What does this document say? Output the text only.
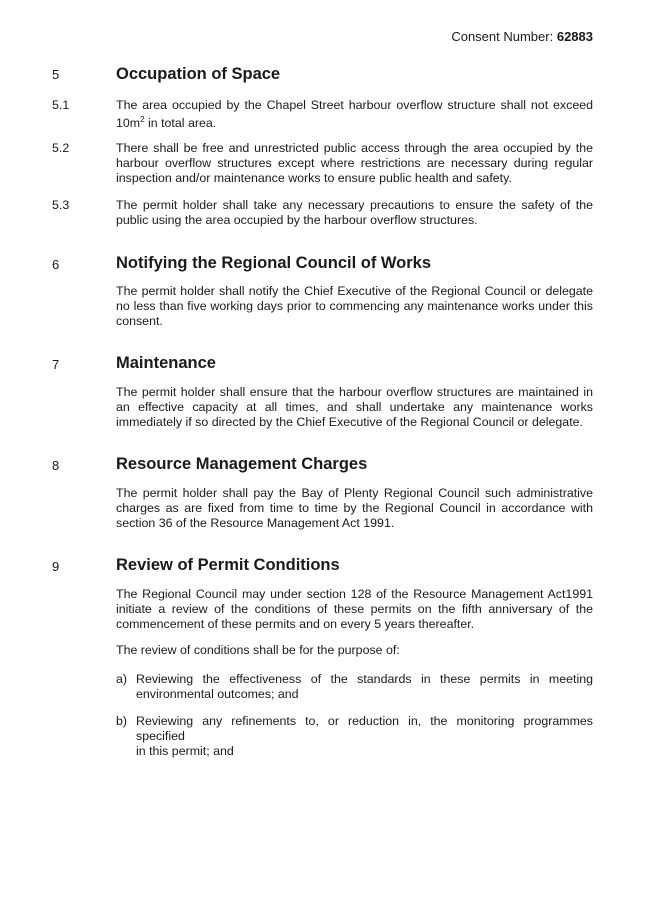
Consent Number: 62883
5	Occupation of Space
5.1	The area occupied by the Chapel Street harbour overflow structure shall not exceed
$10m^2$ in total area.
5.2	There shall be free and unrestricted public access through the area occupied by the
harbour overflow structures except where restrictions are necessary during regular
inspection and/or maintenance works to ensure public health and safety.
5.3	The permit holder shall take any necessary precautions to ensure the safety of the
public using the area occupied by the harbour overflow structures.
6	Notifying the Regional Council of Works
The permit holder shall notify the Chief Executive of the Regional Council or delegate
no less than five working days prior to commencing any maintenance works under this
consent.
7	Maintenance
The permit holder shall ensure that the harbour overflow structures are maintained in
an effective capacity at all times, and shall undertake any maintenance works
immediately if so directed by the Chief Executive of the Regional Council or delegate.
8	Resource Management Charges
The permit holder shall pay the Bay of Plenty Regional Council such administrative
charges as are fixed from time to time by the Regional Council in accordance with
section 36 of the Resource Management Act 1991.
9	Review of Permit Conditions
The Regional Council may under section 128 of the Resource Management Act1991
initiate a review of the conditions of these permits on the fifth anniversary of the
commencement of these permits and on every 5 years thereafter.
The review of conditions shall be for the purpose of:
a) Reviewing the effectiveness of the standards in these permits in meeting
environmental outcomes; and
b) Reviewing any refinements to, or reduction in, the monitoring programmes specified
in this permit; and
